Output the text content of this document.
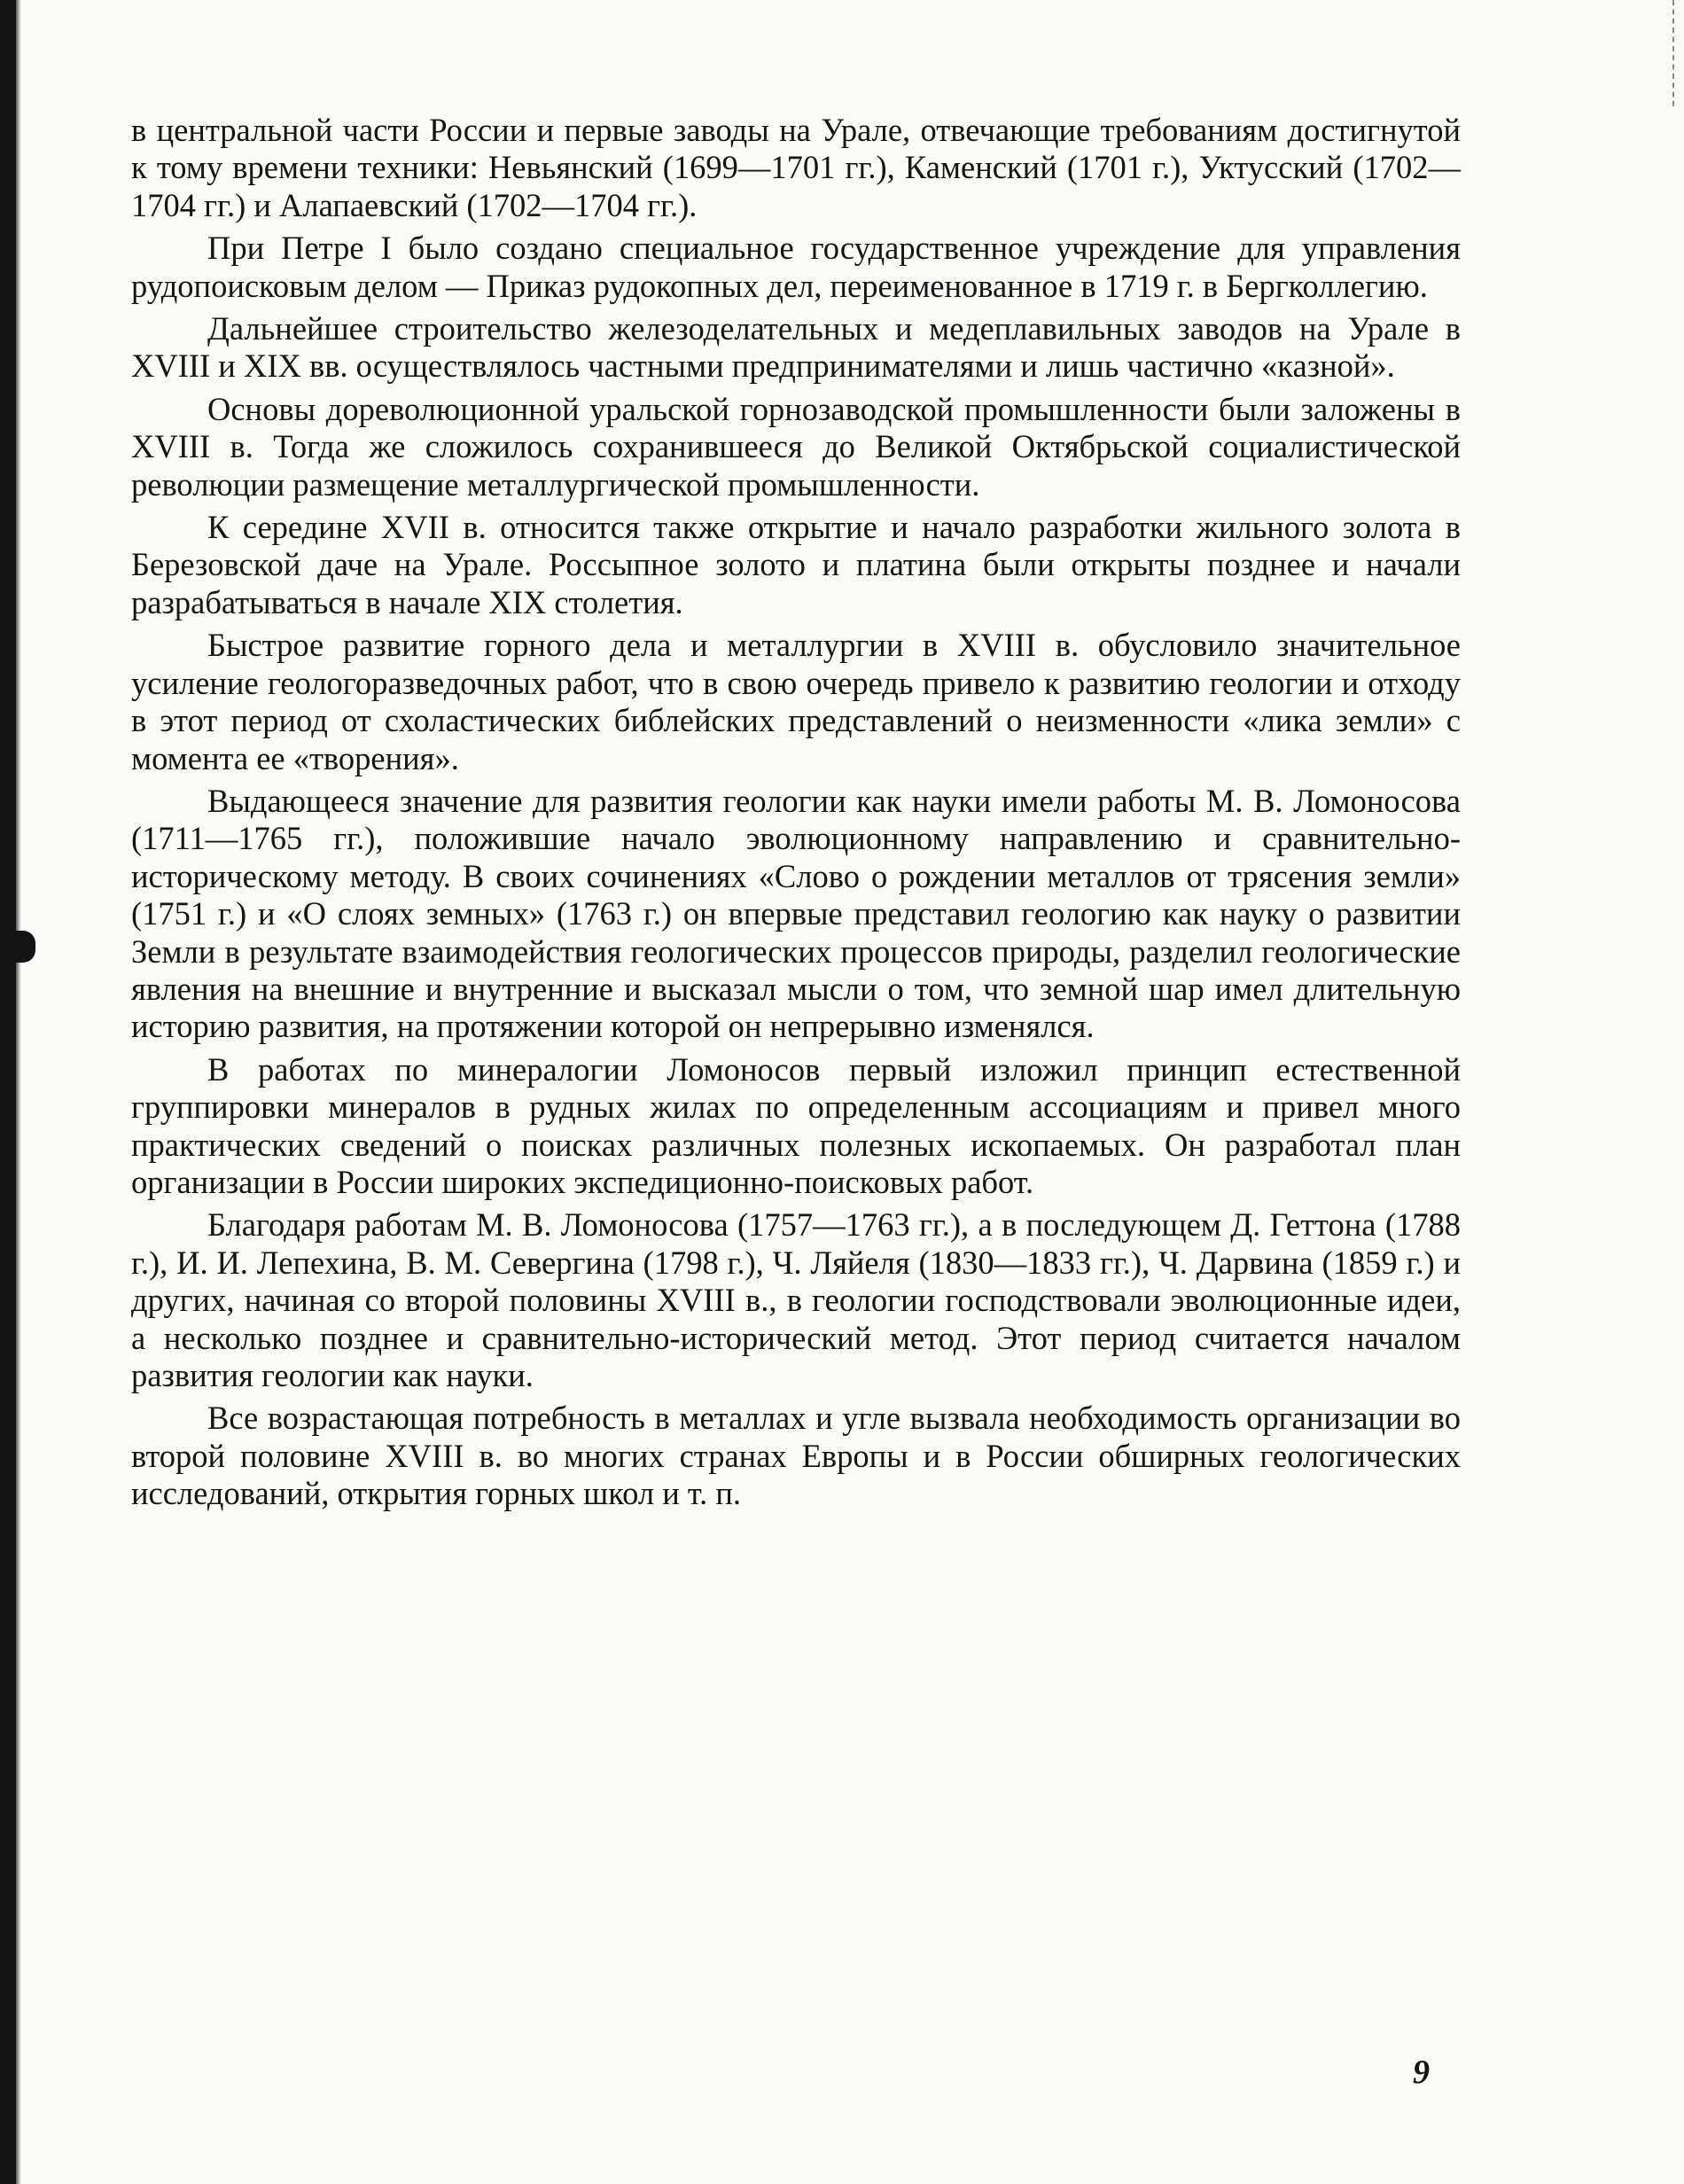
в центральной части России и первые заводы на Урале, отвечающие требованиям достигнутой к тому времени техники: Невьянский (1699—1701 гг.), Каменский (1701 г.), Уктусский (1702—1704 гг.) и Алапаевский (1702—1704 гг.).

При Петре I было создано специальное государственное учреждение для управления рудопоисковым делом — Приказ рудокопных дел, переименованное в 1719 г. в Бергколлегию.

Дальнейшее строительство железоделательных и медеплавильных заводов на Урале в XVIII и XIX вв. осуществлялось частными предпринимателями и лишь частично «казной».

Основы дореволюционной уральской горнозаводской промышленности были заложены в XVIII в. Тогда же сложилось сохранившееся до Великой Октябрьской социалистической революции размещение металлургической промышленности.

К середине XVII в. относится также открытие и начало разработки жильного золота в Березовской даче на Урале. Россыпное золото и платина были открыты позднее и начали разрабатываться в начале XIX столетия.

Быстрое развитие горного дела и металлургии в XVIII в. обусловило значительное усиление геологоразведочных работ, что в свою очередь привело к развитию геологии и отходу в этот период от схоластических библейских представлений о неизменности «лика земли» с момента ее «творения».

Выдающееся значение для развития геологии как науки имели работы М. В. Ломоносова (1711—1765 гг.), положившие начало эволюционному направлению и сравнительно-историческому методу. В своих сочинениях «Слово о рождении металлов от трясения земли» (1751 г.) и «О слоях земных» (1763 г.) он впервые представил геологию как науку о развитии Земли в результате взаимодействия геологических процессов природы, разделил геологические явления на внешние и внутренние и высказал мысли о том, что земной шар имел длительную историю развития, на протяжении которой он непрерывно изменялся.

В работах по минералогии Ломоносов первый изложил принцип естественной группировки минералов в рудных жилах по определенным ассоциациям и привел много практических сведений о поисках различных полезных ископаемых. Он разработал план организации в России широких экспедиционно-поисковых работ.

Благодаря работам М. В. Ломоносова (1757—1763 гг.), а в последующем Д. Геттона (1788 г.), И. И. Лепехина, В. М. Севергина (1798 г.), Ч. Ляйеля (1830—1833 гг.), Ч. Дарвина (1859 г.) и других, начиная со второй половины XVIII в., в геологии господствовали эволюционные идеи, а несколько позднее и сравнительно-исторический метод. Этот период считается началом развития геологии как науки.

Все возрастающая потребность в металлах и угле вызвала необходимость организации во второй половине XVIII в. во многих странах Европы и в России обширных геологических исследований, открытия горных школ и т. п.

9
